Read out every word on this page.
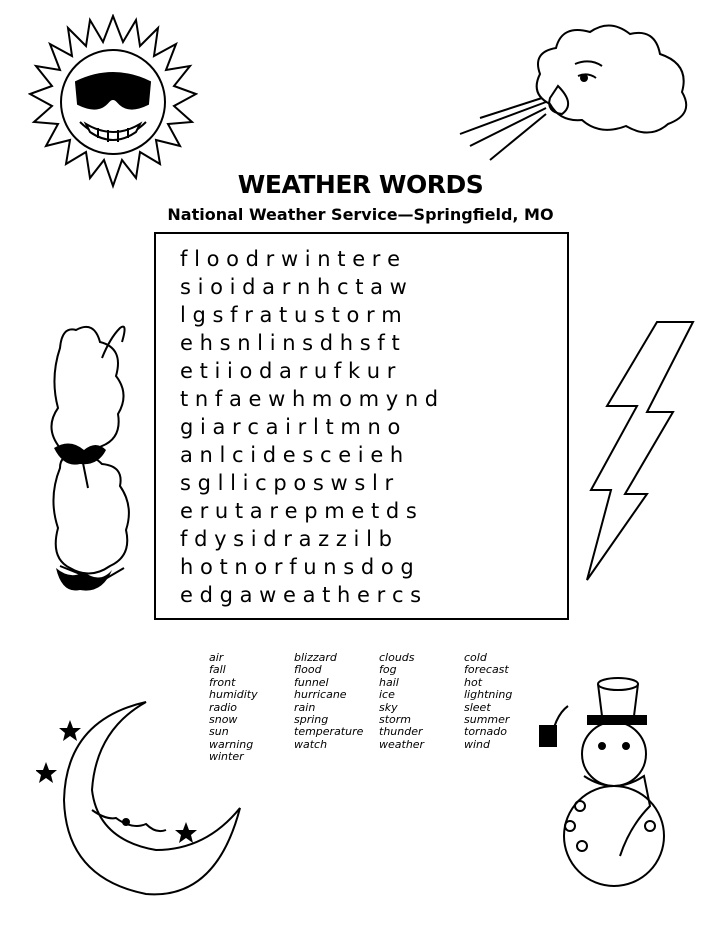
WEATHER WORDS
National Weather Service—Springfield, MO
f l o o d r w i n t e r e
s i o i d a r n h c t a w
l g s f r a t u s t o r m
e h s n l i n s d h s f t
e t i i o d a r u f k u r
t n f a e w h m o m y n d
g i a r c a i r l t m n o
a n l c i d e s c e i e h
s g l l i c p o s w s l r
e r u t a r e p m e t d s
f d y s i d r a z z i l b
h o t n o r f u n s d o g
e d g a w e a t h e r c s
air
fall
front
humidity
radio
snow
sun
warning
winter
blizzard
flood
funnel
hurricane
rain
spring
temperature
watch
clouds
fog
hail
ice
sky
storm
thunder
weather
cold
forecast
hot
lightning
sleet
summer
tornado
wind
